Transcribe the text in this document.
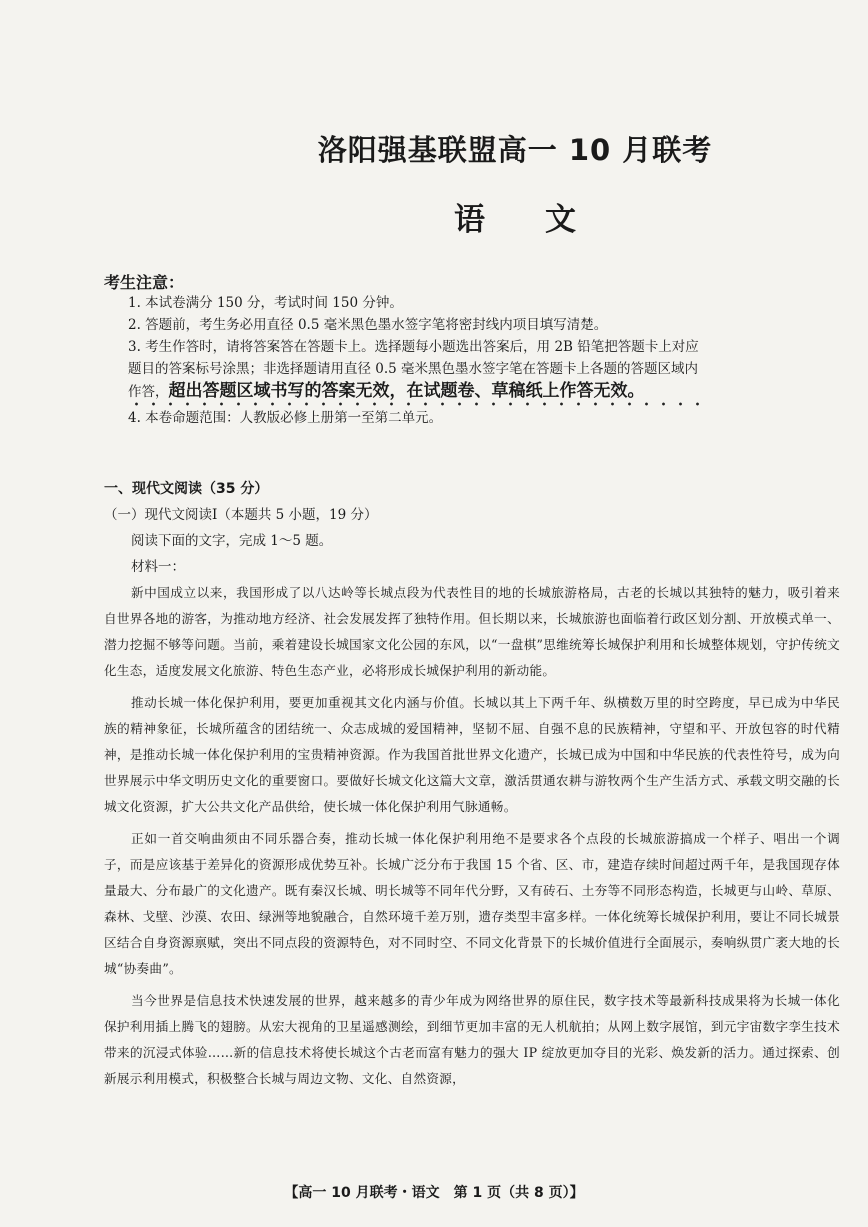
洛阳强基联盟高一 10 月联考
语文
考生注意：

1. 本试卷满分 150 分，考试时间 150 分钟。

2. 答题前，考生务必用直径 0.5 毫米黑色墨水签字笔将密封线内项目填写清楚。

3. 考生作答时，请将答案答在答题卡上。选择题每小题选出答案后，用 2B 铅笔把答题卡上对应题目的答案标号涂黑；非选择题请用直径 0.5 毫米黑色墨水签字笔在答题卡上各题的答题区域内作答，超出答题区域书写的答案无效，在试题卷、草稿纸上作答无效。

4. 本卷命题范围：人教版必修上册第一至第二单元。

一、现代文阅读（35 分）

（一）现代文阅读Ⅰ（本题共 5 小题，19 分）

阅读下面的文字，完成 1～5 题。

材料一：

新中国成立以来，我国形成了以八达岭等长城点段为代表性目的地的长城旅游格局，古老的长城以其独特的魅力，吸引着来自世界各地的游客，为推动地方经济、社会发展发挥了独特作用。但长期以来，长城旅游也面临着行政区划分割、开放模式单一、潜力挖掘不够等问题。当前，乘着建设长城国家文化公园的东风，以“一盘棋”思维统筹长城保护利用和长城整体规划，守护传统文化生态，适度发展文化旅游、特色生态产业，必将形成长城保护利用的新动能。

推动长城一体化保护利用，要更加重视其文化内涵与价值。长城以其上下两千年、纵横数万里的时空跨度，早已成为中华民族的精神象征，长城所蕴含的团结统一、众志成城的爱国精神，坚韧不屈、自强不息的民族精神，守望和平、开放包容的时代精神，是推动长城一体化保护利用的宝贵精神资源。作为我国首批世界文化遗产，长城已成为中国和中华民族的代表性符号，成为向世界展示中华文明历史文化的重要窗口。要做好长城文化这篇大文章，激活贯通农耕与游牧两个生产生活方式、承载文明交融的长城文化资源，扩大公共文化产品供给，使长城一体化保护利用气脉通畅。

正如一首交响曲须由不同乐器合奏，推动长城一体化保护利用绝不是要求各个点段的长城旅游搞成一个样子、唱出一个调子，而是应该基于差异化的资源形成优势互补。长城广泛分布于我国 15 个省、区、市，建造存续时间超过两千年，是我国现存体量最大、分布最广的文化遗产。既有秦汉长城、明长城等不同年代分野，又有砖石、土夯等不同形态构造，长城更与山岭、草原、森林、戈壁、沙漠、农田、绿洲等地貌融合，自然环境千差万别，遗存类型丰富多样。一体化统筹长城保护利用，要让不同长城景区结合自身资源禀赋，突出不同点段的资源特色，对不同时空、不同文化背景下的长城价值进行全面展示，奏响纵贯广袤大地的长城“协奏曲”。

当今世界是信息技术快速发展的世界，越来越多的青少年成为网络世界的原住民，数字技术等最新科技成果将为长城一体化保护利用插上腾飞的翅膀。从宏大视角的卫星遥感测绘，到细节更加丰富的无人机航拍；从网上数字展馆，到元宇宙数字孪生技术带来的沉浸式体验……新的信息技术将使长城这个古老而富有魅力的强大 IP 绽放更加夺目的光彩、焕发新的活力。通过探索、创新展示利用模式，积极整合长城与周边文物、文化、自然资源，

【高一 10 月联考・语文　第 1 页（共 8 页）】
